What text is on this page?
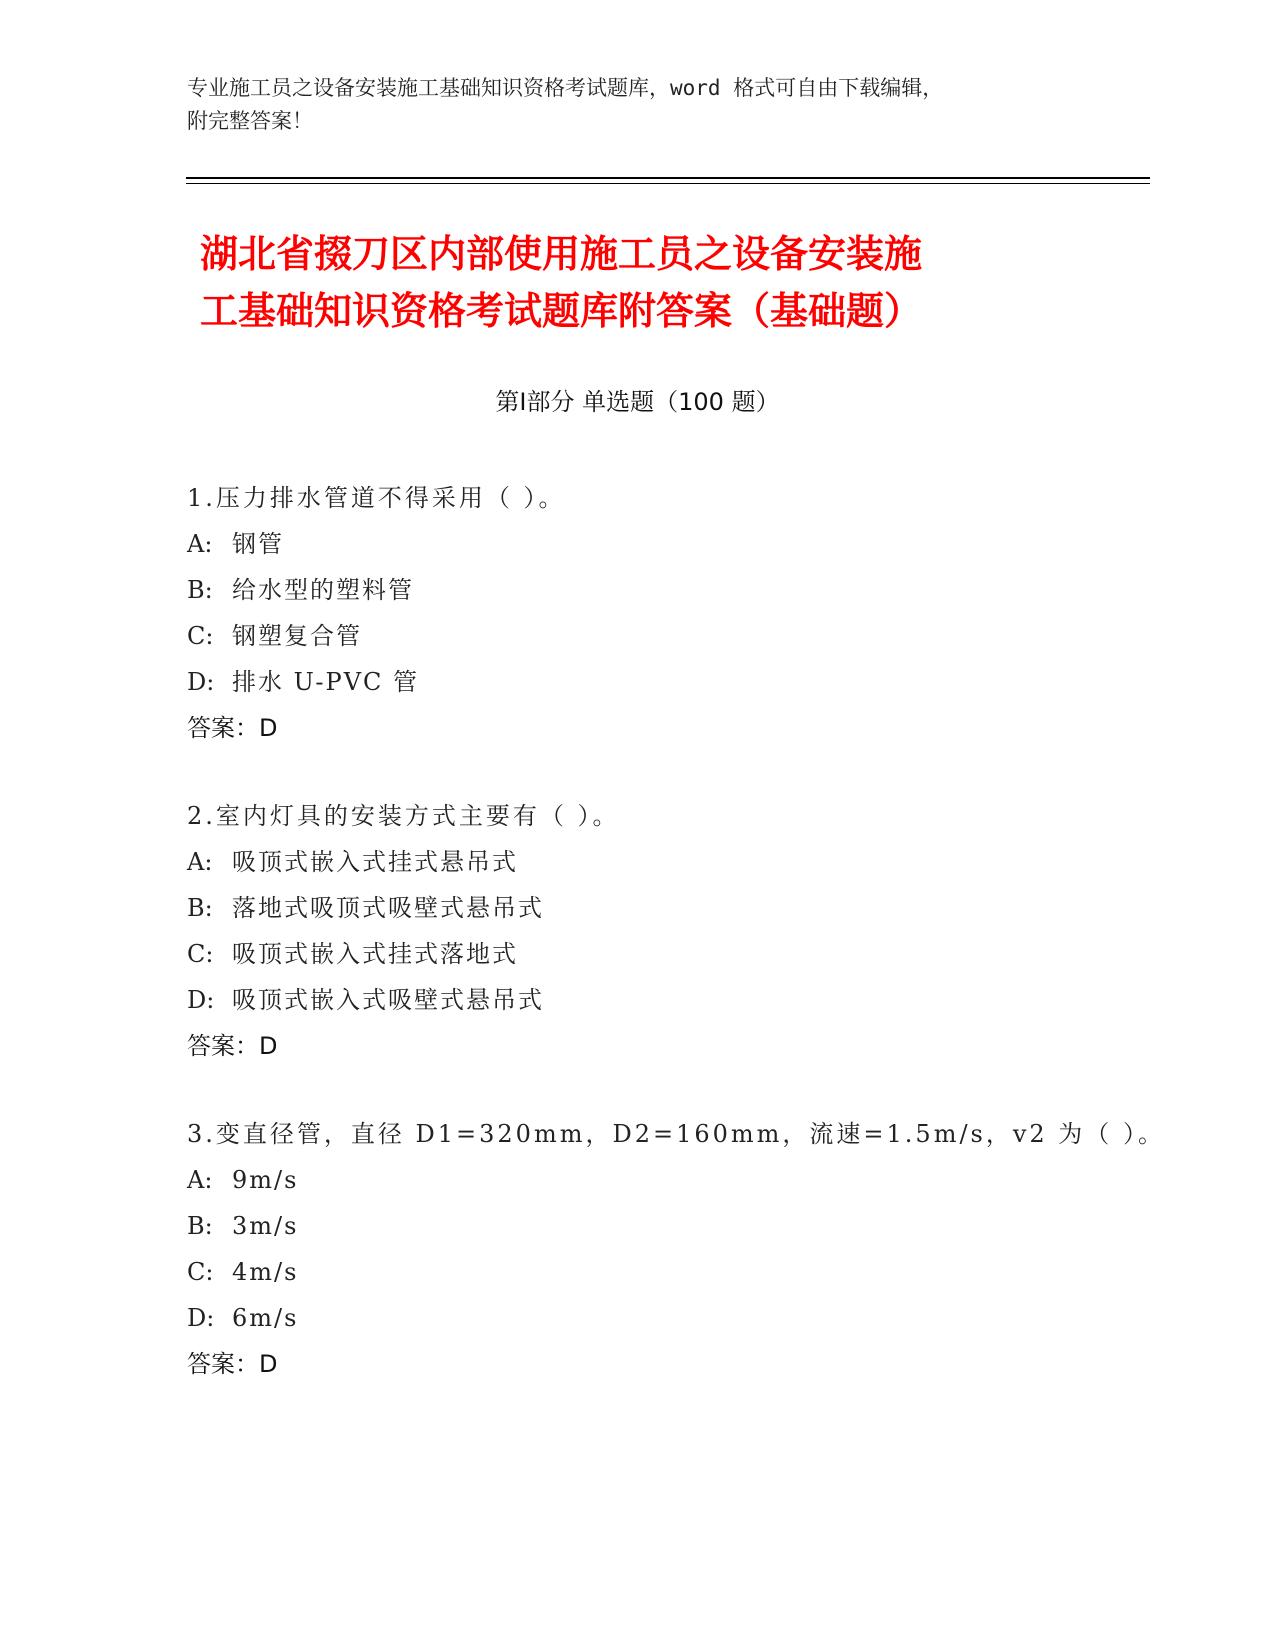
专业施工员之设备安装施工基础知识资格考试题库，word 格式可自由下载编辑，
附完整答案！
湖北省掇刀区内部使用施工员之设备安装施
工基础知识资格考试题库附答案（基础题）
第Ⅰ部分 单选题（100 题）
1.压力排水管道不得采用（ ）。
A: 钢管
B: 给水型的塑料管
C: 钢塑复合管
D: 排水 U-PVC 管
答案：D
2.室内灯具的安装方式主要有（ ）。
A: 吸顶式嵌入式挂式悬吊式
B: 落地式吸顶式吸壁式悬吊式
C: 吸顶式嵌入式挂式落地式
D: 吸顶式嵌入式吸壁式悬吊式
答案：D
3.变直径管，直径 D1=320mm，D2=160mm，流速=1.5m/s，v2 为（ ）。
A: 9m/s
B: 3m/s
C: 4m/s
D: 6m/s
答案：D
